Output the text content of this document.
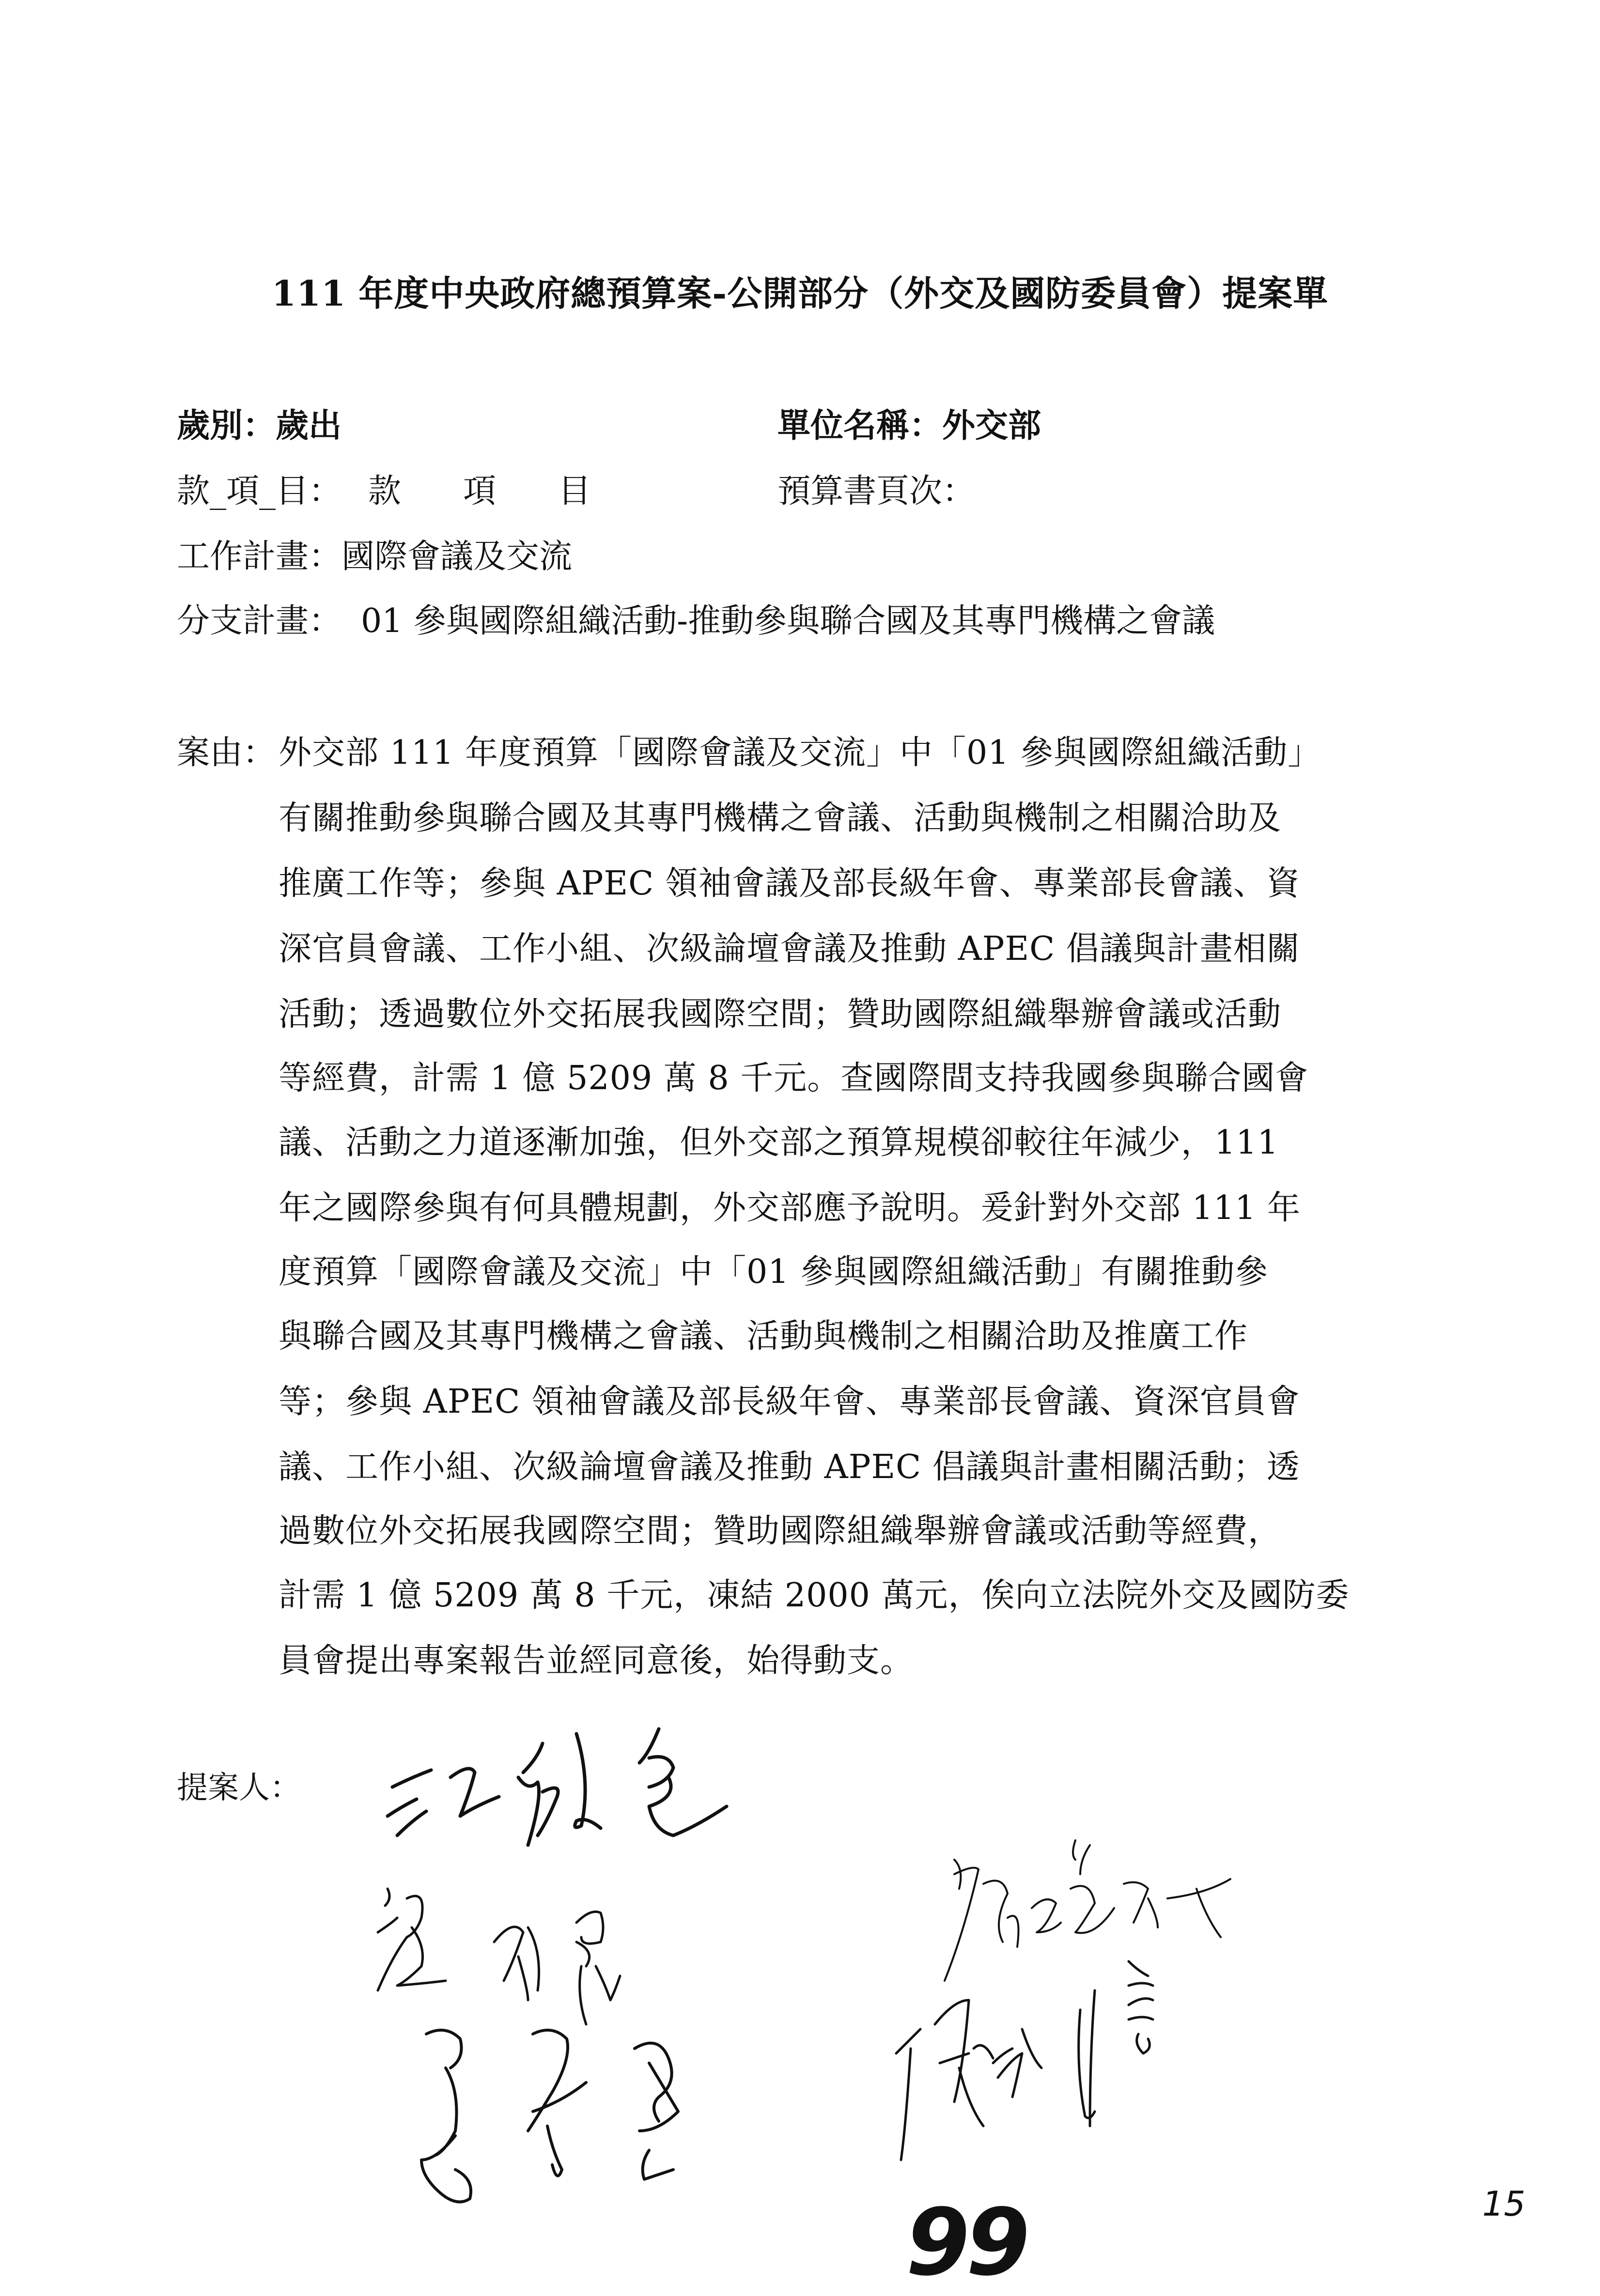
111 年度中央政府總預算案-公開部分（外交及國防委員會）提案單
歲別：歲出	單位名稱：外交部
款_項_目： 款　項　目	預算書頁次：
工作計畫：國際會議及交流
分支計畫： 01 參與國際組織活動-推動參與聯合國及其專門機構之會議
案由： 外交部 111 年度預算「國際會議及交流」中「01 參與國際組織活動」
有關推動參與聯合國及其專門機構之會議、活動與機制之相關洽助及
推廣工作等；參與 APEC 領袖會議及部長級年會、專業部長會議、資
深官員會議、工作小組、次級論壇會議及推動 APEC 倡議與計畫相關
活動；透過數位外交拓展我國際空間；贊助國際組織舉辦會議或活動
等經費，計需 1 億 5209 萬 8 千元。查國際間支持我國參與聯合國會
議、活動之力道逐漸加強，但外交部之預算規模卻較往年減少，111
年之國際參與有何具體規劃，外交部應予說明。爰針對外交部 111 年
度預算「國際會議及交流」中「01 參與國際組織活動」有關推動參
與聯合國及其專門機構之會議、活動與機制之相關洽助及推廣工作
等；參與 APEC 領袖會議及部長級年會、專業部長會議、資深官員會
議、工作小組、次級論壇會議及推動 APEC 倡議與計畫相關活動；透
過數位外交拓展我國際空間；贊助國際組織舉辦會議或活動等經費，
計需 1 億 5209 萬 8 千元，凍結 2000 萬元，俟向立法院外交及國防委
員會提出專案報告並經同意後，始得動支。
提案人：
99	15
